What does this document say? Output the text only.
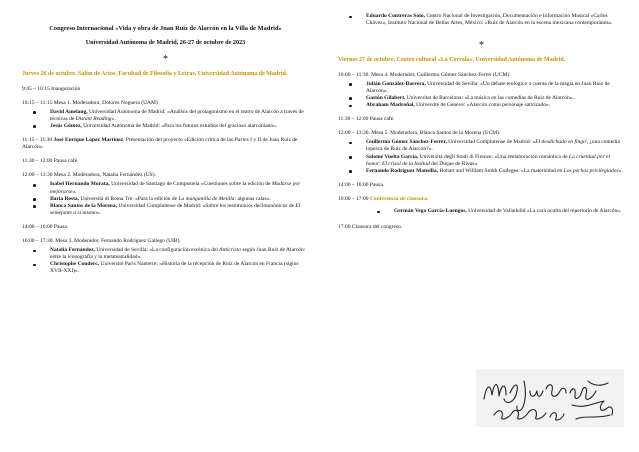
Congreso Internacional «Vida y obra de Juan Ruiz de Alarcón en la Villa de Madrid»

Universidad Autónoma de Madrid, 26-27 de octubre de 2023

*

Jueves 26 de octubre. Salón de Actos, Facultad de Filosofía y Letras, Universidad Autónoma de Madrid.

9:45 – 10:15 Inauguración

10:15 – 11:15 Mesa 1. Moderadora, Dolores Noguera (UAM)

David Amelang, Universidad Autónoma de Madrid: «Análisis del protagonismo en el teatro de Alarcón a través de técnicas de Distant Reading».
Jesús Gómez, Universidad Autónoma de Madrid: «Para los futuros estudios del gracioso alarconiano».

11:15 – 11:30 José Enrique López Martínez. Presentación del proyecto «Edición crítica de las Partes I y II de Juan Ruiz de Alarcón».

11:30 – 12:00 Pausa café.

12:00 – 13:30 Mesa 2. Moderadora, Natalia Fernández (US).

Isabel Hernando Morata, Universidad de Santiago de Compostela «Cuestiones sobre la edición de Mudarse por mejorarse».
Ilaria Resta, Università di Roma Tre: «Para la edición de La manganilla de Melilla: algunas calas».
Blanca Santos de la Morena, Universidad Complutense de Madrid: «Sobre los testimonios decimonónicos de El semejante a sí mismo».

14:00 – 16:00 Pausa.

16:00 – 17:30. Mesa 3. Moderador, Fernando Rodríguez Gallego (UIB).

Natalia Fernández, Universidad de Sevilla: «La configuración escénica del Anticristo según Juan Ruiz de Alarcón: entre la iconografía y la metateatralidad».
Christophe Couderc, Université Paris Nanterre: «Historia de la recepción de Ruiz de Alarcón en Francia (siglos XVII-XXI)».
Eduardo Contreras Soto, Centro Nacional de Investigación, Documentación e Información Musical «Carlos Chávez», Instituto Nacional de Bellas Artes, México: «Ruiz de Alarcón en la escena mexicana contemporánea».

*

Viernes 27 de octubre. Centro cultural «La Corrala», Universidad Autónoma de Madrid.

10:00 – 11:30. Mesa 4. Moderador, Guillermo Gómez Sánchez-Ferrer (UCM).

Julián González-Barrera, Universidad de Sevilla: «Un debate teológico a cuenta de la magia en Juan Ruiz de Alarcón».
Gastón Gilabert, Universitat de Barcelona: «La música en las comedias de Ruiz de Alarcón».
Abraham Madroñal, Université de Genève: «Alarcón como personaje satirizado».

11:30 – 12:00 Pausa café.

12:00 – 13:30. Mesa 5. Moderadora, Blanca Santos de la Morena (UCM).

Guillermo Gómez Sánchez-Ferrer, Universidad Complutense de Madrid: «El desdichado en fingir, ¿una comedia lopesca de Ruiz de Alarcón?».
Salomé Vuelta García, Università degli Studi di Firenze: «Una reelaboración romántica de La crueldad por el honor: El crisol de la lealtad del Duque de Rivas».
Fernando Rodríguez Mansilla, Hobart and William Smith Colleges: «La maternidad en Los pechos privilegiados».

14:00 – 16:00 Pausa.

16:00 – 17:00 Conferencia de clausura.

Germán Vega García-Luengos, Universidad de Valladolid «La cara oculta del repertorio de Alarcón».

17:00 Clausura del congreso.
